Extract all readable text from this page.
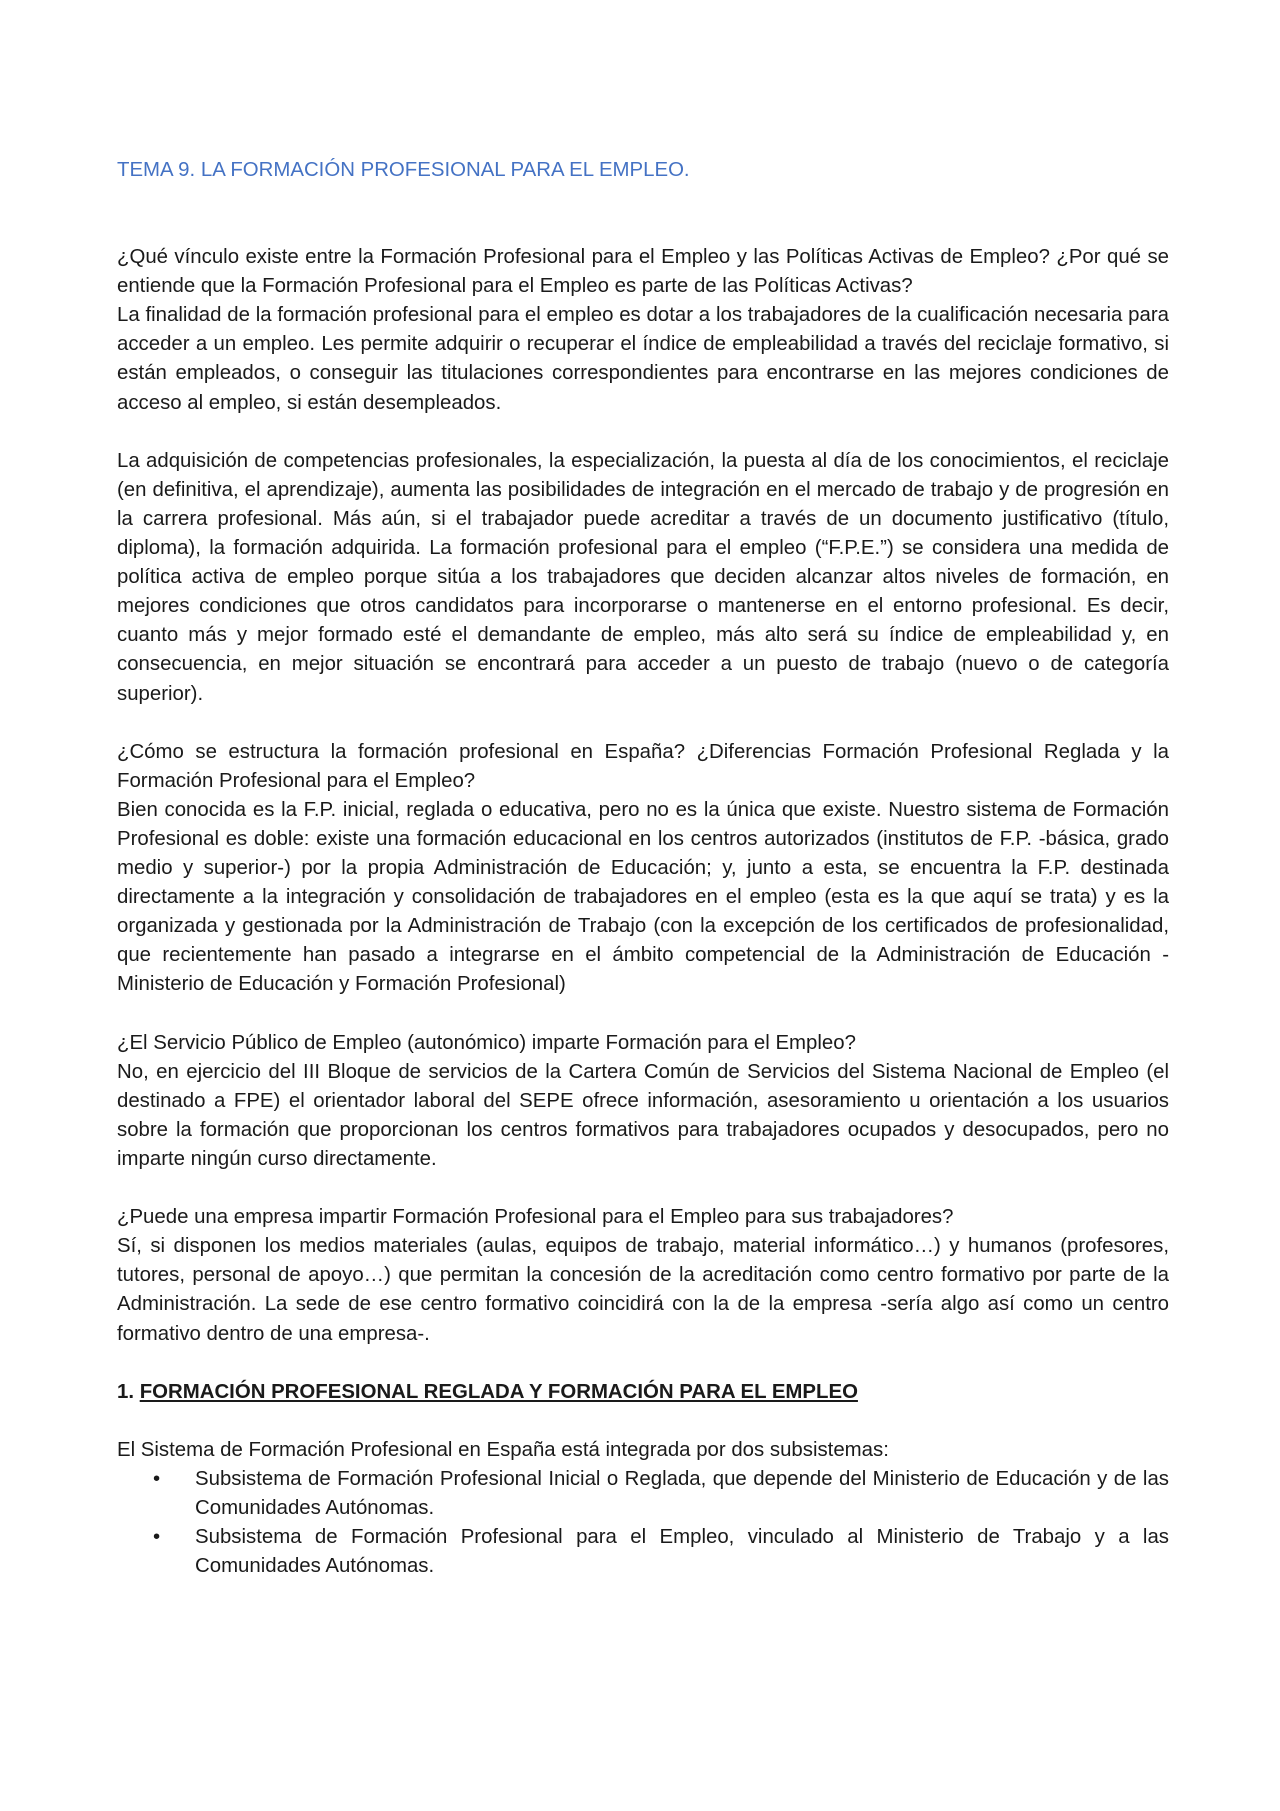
TEMA 9. LA FORMACIÓN PROFESIONAL PARA EL EMPLEO.

¿Qué vínculo existe entre la Formación Profesional para el Empleo y las Políticas Activas de Empleo? ¿Por qué se entiende que la Formación Profesional para el Empleo es parte de las Políticas Activas?

La finalidad de la formación profesional para el empleo es dotar a los trabajadores de la cualificación necesaria para acceder a un empleo. Les permite adquirir o recuperar el índice de empleabilidad a través del reciclaje formativo, si están empleados, o conseguir las titulaciones correspondientes para encontrarse en las mejores condiciones de acceso al empleo, si están desempleados.

La adquisición de competencias profesionales, la especialización, la puesta al día de los conocimientos, el reciclaje (en definitiva, el aprendizaje), aumenta las posibilidades de integración en el mercado de trabajo y de progresión en la carrera profesional. Más aún, si el trabajador puede acreditar a través de un documento justificativo (título, diploma), la formación adquirida. La formación profesional para el empleo (“F.P.E.”) se considera una medida de política activa de empleo porque sitúa a los trabajadores que deciden alcanzar altos niveles de formación, en mejores condiciones que otros candidatos para incorporarse o mantenerse en el entorno profesional. Es decir, cuanto más y mejor formado esté el demandante de empleo, más alto será su índice de empleabilidad y, en consecuencia, en mejor situación se encontrará para acceder a un puesto de trabajo (nuevo o de categoría superior).

¿Cómo se estructura la formación profesional en España? ¿Diferencias Formación Profesional Reglada y la Formación Profesional para el Empleo?

Bien conocida es la F.P. inicial, reglada o educativa, pero no es la única que existe. Nuestro sistema de Formación Profesional es doble: existe una formación educacional en los centros autorizados (institutos de F.P. -básica, grado medio y superior-) por la propia Administración de Educación; y, junto a esta, se encuentra la F.P. destinada directamente a la integración y consolidación de trabajadores en el empleo (esta es la que aquí se trata) y es la organizada y gestionada por la Administración de Trabajo (con la excepción de los certificados de profesionalidad, que recientemente han pasado a integrarse en el ámbito competencial de la Administración de Educación -Ministerio de Educación y Formación Profesional)

¿El Servicio Público de Empleo (autonómico) imparte Formación para el Empleo?

No, en ejercicio del III Bloque de servicios de la Cartera Común de Servicios del Sistema Nacional de Empleo (el destinado a FPE) el orientador laboral del SEPE ofrece información, asesoramiento u orientación a los usuarios sobre la formación que proporcionan los centros formativos para trabajadores ocupados y desocupados, pero no imparte ningún curso directamente.

¿Puede una empresa impartir Formación Profesional para el Empleo para sus trabajadores?

Sí, si disponen los medios materiales (aulas, equipos de trabajo, material informático…) y humanos (profesores, tutores, personal de apoyo…) que permitan la concesión de la acreditación como centro formativo por parte de la Administración. La sede de ese centro formativo coincidirá con la de la empresa -sería algo así como un centro formativo dentro de una empresa-.

1. FORMACIÓN PROFESIONAL REGLADA Y FORMACIÓN PARA EL EMPLEO

El Sistema de Formación Profesional en España está integrada por dos subsistemas:

• Subsistema de Formación Profesional Inicial o Reglada, que depende del Ministerio de Educación y de las Comunidades Autónomas.
• Subsistema de Formación Profesional para el Empleo, vinculado al Ministerio de Trabajo y a las Comunidades Autónomas.
